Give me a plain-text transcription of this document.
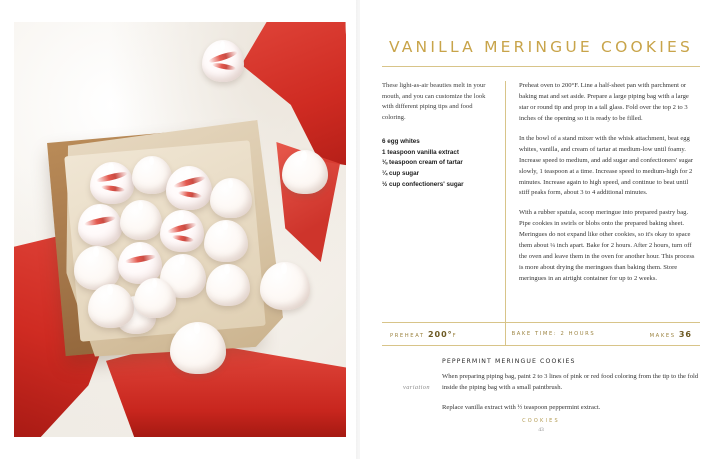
VANILLA MERINGUE COOKIES

These light-as-air beauties melt in your mouth, and you can customize the look with different piping tips and food coloring.

6 egg whites
1 teaspoon vanilla extract
⅛ teaspoon cream of tartar
¼ cup sugar
½ cup confectioners' sugar

Preheat oven to 200°F. Line a half-sheet pan with parchment or baking mat and set aside. Prepare a large piping bag with a large star or round tip and prop in a tall glass. Fold over the top 2 to 3 inches of the opening so it is ready to be filled.

In the bowl of a stand mixer with the whisk attachment, beat egg whites, vanilla, and cream of tartar at medium-low until foamy. Increase speed to medium, and add sugar and confectioners' sugar slowly, 1 teaspoon at a time. Increase speed to medium-high for 2 minutes. Increase again to high speed, and continue to beat until stiff peaks form, about 3 to 4 additional minutes.

With a rubber spatula, scoop meringue into prepared pastry bag. Pipe cookies in swirls or blobs onto the prepared baking sheet. Meringues do not expand like other cookies, so it's okay to space them about ¼ inch apart. Bake for 2 hours. After 2 hours, turn off the oven and leave them in the oven for another hour. This process is more about drying the meringues than baking them. Store meringues in an airtight container for up to 2 weeks.

PREHEAT 200°F	BAKE TIME: 2 HOURS	MAKES 36
variation

PEPPERMINT MERINGUE COOKIES

When preparing piping bag, paint 2 to 3 lines of pink or red food coloring from the tip to the fold inside the piping bag with a small paintbrush.

Replace vanilla extract with ½ teaspoon peppermint extract.

COOKIES
43
